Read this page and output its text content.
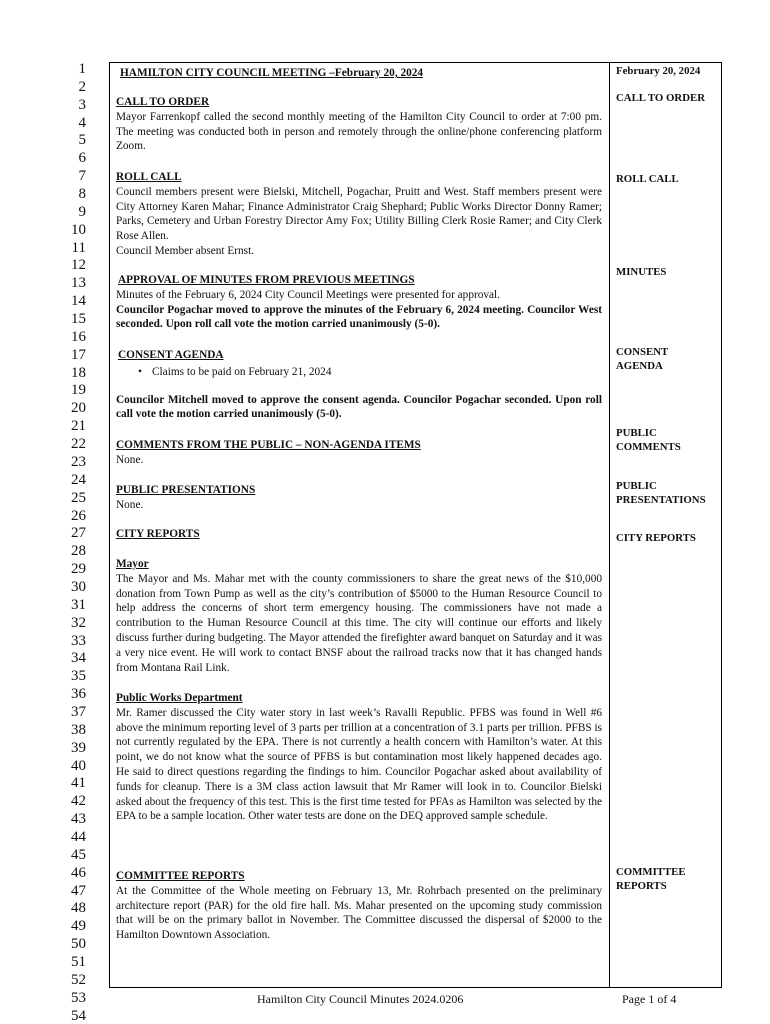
1
2
3
4
5
6
7
8
9
10
11
12
13
14
15
16
17
18
19
20
21
22
23
24
25
26
27
28
29
30
31
32
33
34
35
36
37
38
39
40
41
42
43
44
45
46
47
48
49
50
51
52
53
54

HAMILTON CITY COUNCIL MEETING –February 20, 2024

CALL TO ORDER

Mayor Farrenkopf called the second monthly meeting of the Hamilton City Council to order at 7:00 pm. The meeting was conducted both in person and remotely through the online/phone conferencing platform Zoom.

ROLL CALL

Council members present were Bielski, Mitchell, Pogachar, Pruitt and West. Staff members present were City Attorney Karen Mahar; Finance Administrator Craig Shephard; Public Works Director Donny Ramer; Parks, Cemetery and Urban Forestry Director Amy Fox; Utility Billing Clerk Rosie Ramer; and City Clerk Rose Allen.

Council Member absent Ernst.

APPROVAL OF MINUTES FROM PREVIOUS MEETINGS

Minutes of the February 6, 2024 City Council Meetings were presented for approval.

Councilor Pogachar moved to approve the minutes of the February 6, 2024 meeting. Councilor West seconded. Upon roll call vote the motion carried unanimously (5-0).

CONSENT AGENDA

• Claims to be paid on February 21, 2024

Councilor Mitchell moved to approve the consent agenda. Councilor Pogachar seconded. Upon roll call vote the motion carried unanimously (5-0).

COMMENTS FROM THE PUBLIC – NON-AGENDA ITEMS

None.

PUBLIC PRESENTATIONS

None.

CITY REPORTS

Mayor

The Mayor and Ms. Mahar met with the county commissioners to share the great news of the $10,000 donation from Town Pump as well as the city’s contribution of $5000 to the Human Resource Council to help address the concerns of short term emergency housing. The commissioners have not made a contribution to the Human Resource Council at this time. The city will continue our efforts and likely discuss further during budgeting. The Mayor attended the firefighter award banquet on Saturday and it was a very nice event. He will work to contact BNSF about the railroad tracks now that it has changed hands from Montana Rail Link.

Public Works Department

Mr. Ramer discussed the City water story in last week’s Ravalli Republic. PFBS was found in Well #6 above the minimum reporting level of 3 parts per trillion at a concentration of 3.1 parts per trillion. PFBS is not currently regulated by the EPA. There is not currently a health concern with Hamilton’s water. At this point, we do not know what the source of PFBS is but contamination most likely happened decades ago. He said to direct questions regarding the findings to him. Councilor Pogachar asked about availability of funds for cleanup. There is a 3M class action lawsuit that Mr Ramer will look in to. Councilor Bielski asked about the frequency of this test. This is the first time tested for PFAs as Hamilton was selected by the EPA to be a sample location. Other water tests are done on the DEQ approved sample schedule.

COMMITTEE REPORTS

At the Committee of the Whole meeting on February 13, Mr. Rohrbach presented on the preliminary architecture report (PAR) for the old fire hall. Ms. Mahar presented on the upcoming study commission that will be on the primary ballot in November. The Committee discussed the dispersal of $2000 to the Hamilton Downtown Association.

February 20, 2024
CALL TO ORDER
ROLL CALL
MINUTES
CONSENT AGENDA
PUBLIC COMMENTS
PUBLIC PRESENTATIONS
CITY REPORTS
COMMITTEE REPORTS
Hamilton City Council Minutes 2024.0206	Page 1 of 4
